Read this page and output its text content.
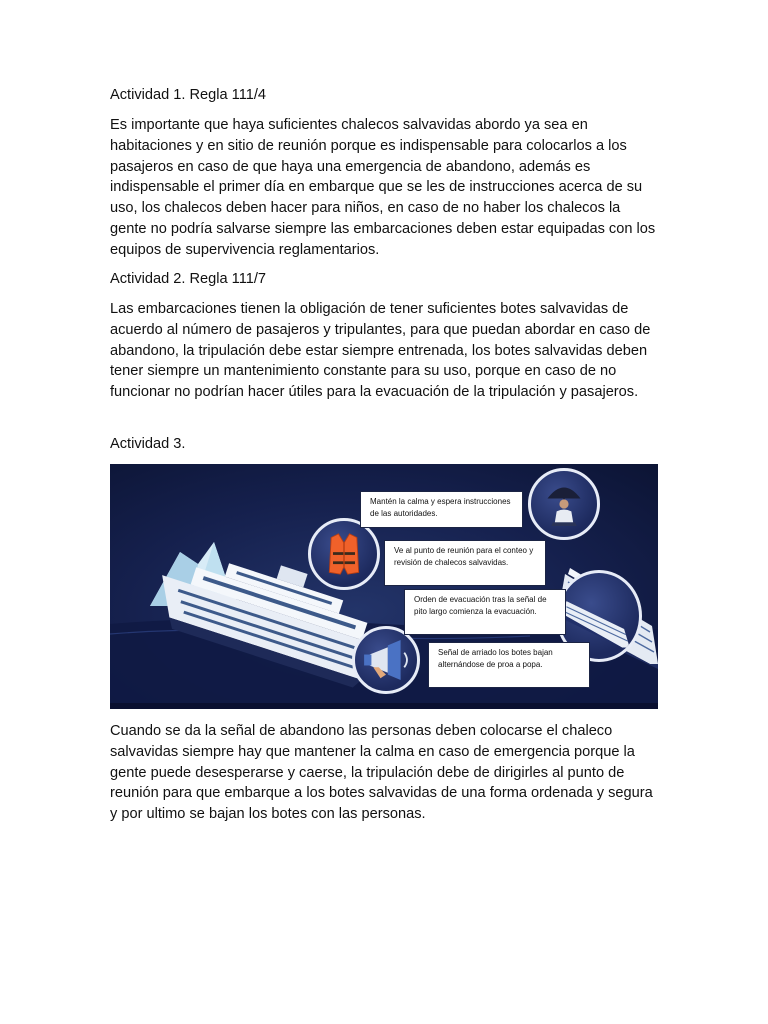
Actividad 1. Regla 111/4

Es importante que haya suficientes chalecos salvavidas abordo ya sea en habitaciones y en sitio de reunión porque es indispensable para colocarlos a los pasajeros en caso de que haya una emergencia de abandono, además es indispensable el primer día en embarque que se les de instrucciones acerca de su uso, los chalecos deben hacer para niños, en caso de no haber los chalecos la gente no podría salvarse siempre las embarcaciones deben estar equipadas con los equipos de supervivencia reglamentarios.

Actividad 2. Regla 111/7

Las embarcaciones tienen la obligación de tener suficientes botes salvavidas de acuerdo al número de pasajeros y tripulantes, para que puedan abordar en caso de abandono, la tripulación debe estar siempre entrenada, los botes salvavidas deben tener siempre un mantenimiento constante para su uso, porque en caso de no funcionar no podrían hacer útiles para la evacuación de la tripulación y pasajeros.

Actividad 3.

Mantén la calma y espera instrucciones de las autoridades.
Ve al punto de reunión para el conteo y revisión de chalecos salvavidas.
Orden de evacuación tras la señal de pito largo comienza la evacuación.
Señal de arriado los botes bajan alternándose de proa a popa.

Cuando se da la señal de abandono las personas deben colocarse el chaleco salvavidas siempre hay que mantener la calma en caso de emergencia porque la gente puede desesperarse y caerse, la tripulación debe de dirigirles al punto de reunión para que embarque a los botes salvavidas de una forma ordenada y segura y por ultimo se bajan los botes con las personas.
